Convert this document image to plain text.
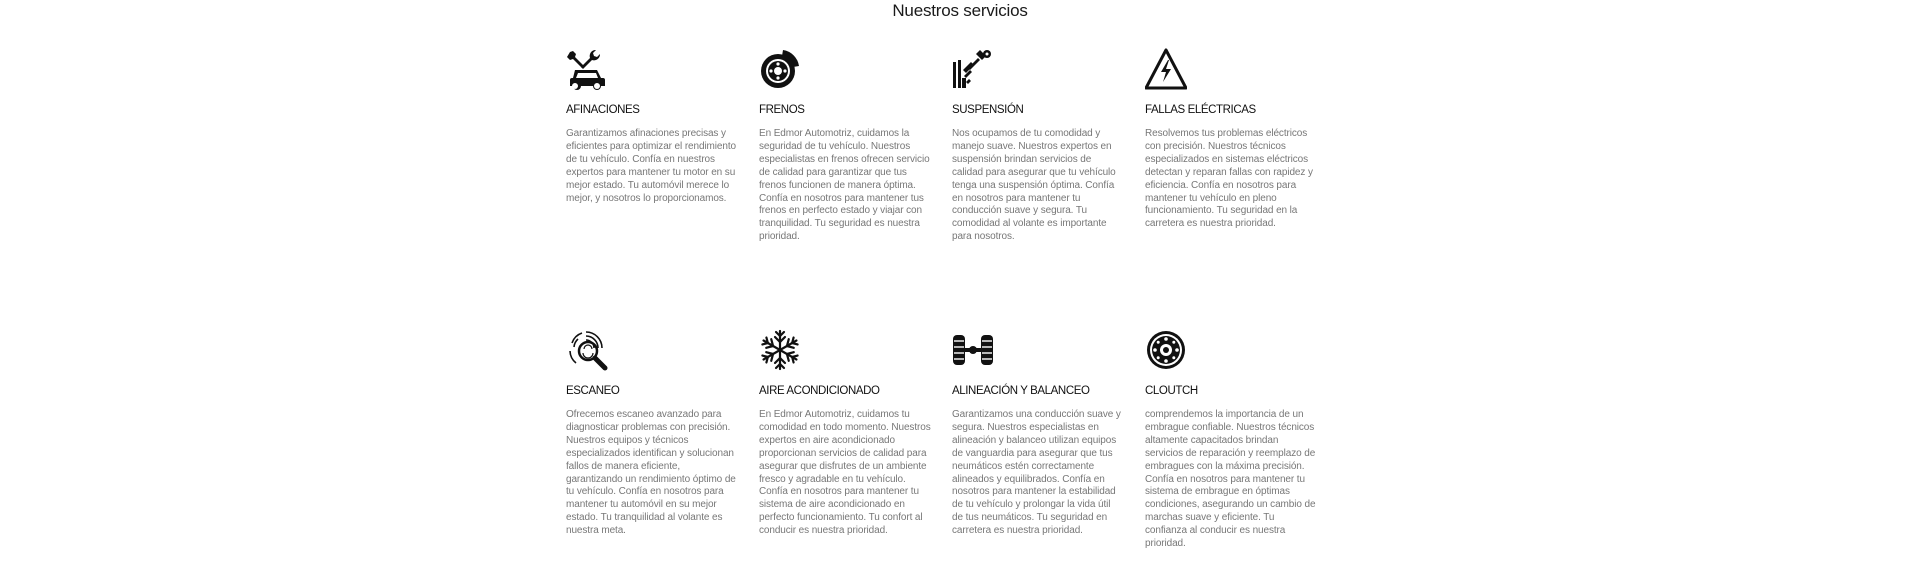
Nuestros servicios
AFINACIONES
Garantizamos afinaciones precisas y eficientes para optimizar el rendimiento de tu vehículo. Confía en nuestros expertos para mantener tu motor en su mejor estado. Tu automóvil merece lo mejor, y nosotros lo proporcionamos.
FRENOS
En Edmor Automotriz, cuidamos la seguridad de tu vehículo. Nuestros especialistas en frenos ofrecen servicio de calidad para garantizar que tus frenos funcionen de manera óptima. Confía en nosotros para mantener tus frenos en perfecto estado y viajar con tranquilidad. Tu seguridad es nuestra prioridad.
SUSPENSIÓN
Nos ocupamos de tu comodidad y manejo suave. Nuestros expertos en suspensión brindan servicios de calidad para asegurar que tu vehículo tenga una suspensión óptima. Confía en nosotros para mantener tu conducción suave y segura. Tu comodidad al volante es importante para nosotros.
FALLAS ELÉCTRICAS
Resolvemos tus problemas eléctricos con precisión. Nuestros técnicos especializados en sistemas eléctricos detectan y reparan fallas con rapidez y eficiencia. Confía en nosotros para mantener tu vehículo en pleno funcionamiento. Tu seguridad en la carretera es nuestra prioridad.
ESCANEO
Ofrecemos escaneo avanzado para diagnosticar problemas con precisión. Nuestros equipos y técnicos especializados identifican y solucionan fallos de manera eficiente, garantizando un rendimiento óptimo de tu vehículo. Confía en nosotros para mantener tu automóvil en su mejor estado. Tu tranquilidad al volante es nuestra meta.
AIRE ACONDICIONADO
En Edmor Automotriz, cuidamos tu comodidad en todo momento. Nuestros expertos en aire acondicionado proporcionan servicios de calidad para asegurar que disfrutes de un ambiente fresco y agradable en tu vehículo. Confía en nosotros para mantener tu sistema de aire acondicionado en perfecto funcionamiento. Tu confort al conducir es nuestra prioridad.
ALINEACIÓN Y BALANCEO
Garantizamos una conducción suave y segura. Nuestros especialistas en alineación y balanceo utilizan equipos de vanguardia para asegurar que tus neumáticos estén correctamente alineados y equilibrados. Confía en nosotros para mantener la estabilidad de tu vehículo y prolongar la vida útil de tus neumáticos. Tu seguridad en carretera es nuestra prioridad.
CLOUTCH
comprendemos la importancia de un embrague confiable. Nuestros técnicos altamente capacitados brindan servicios de reparación y reemplazo de embragues con la máxima precisión. Confía en nosotros para mantener tu sistema de embrague en óptimas condiciones, asegurando un cambio de marchas suave y eficiente. Tu confianza al conducir es nuestra prioridad.
